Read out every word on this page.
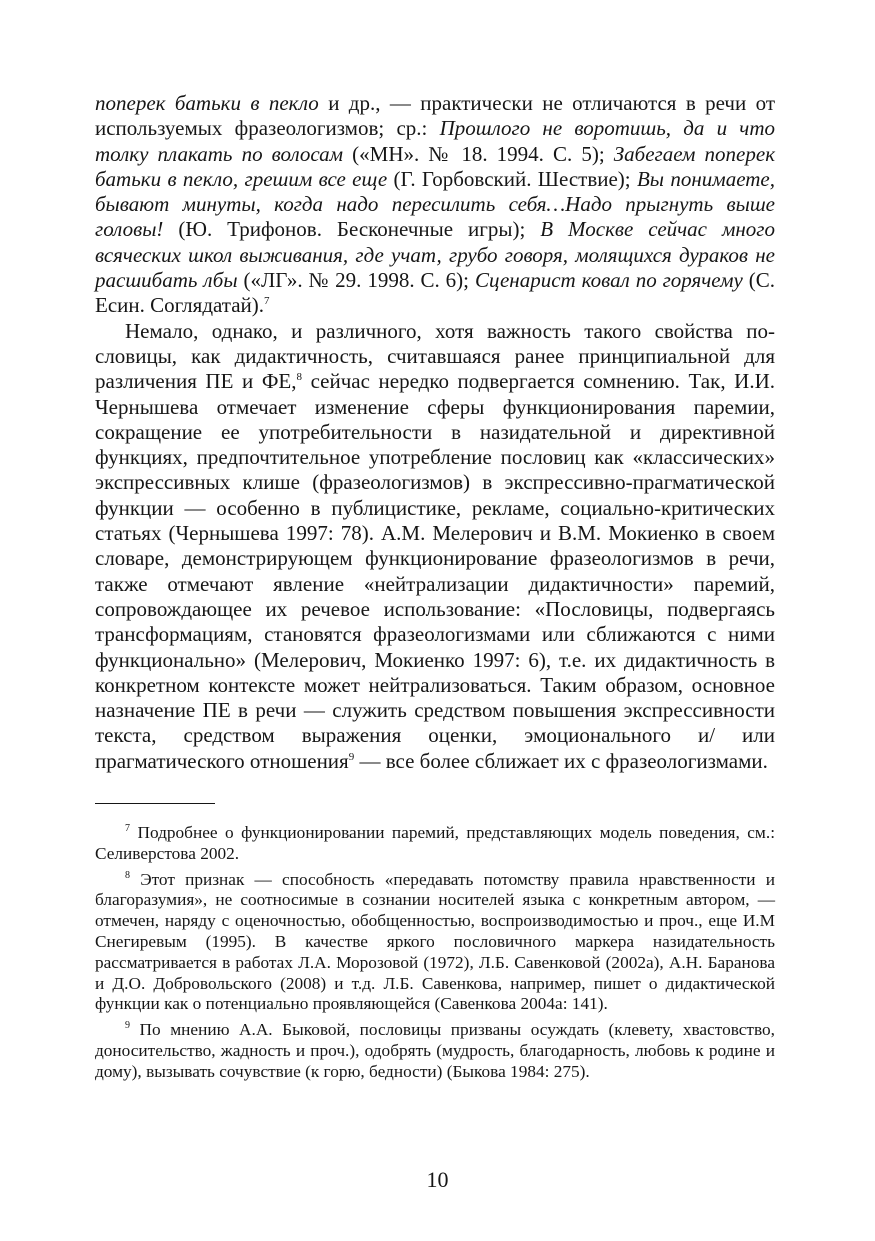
поперек батьки в пекло и др., — практически не отличаются в речи от используемых фразеологизмов; ср.: Прошлого не воротишь, да и что толку плакать по волосам («МН». № 18. 1994. С. 5); Забегаем поперек батьки в пекло, грешим все еще (Г. Горбовский. Шествие); Вы понимаете, бывают минуты, когда надо пересилить себя…Надо прыгнуть выше головы! (Ю. Трифонов. Бесконечные игры); В Москве сейчас много всяческих школ выживания, где учат, грубо говоря, молящихся дураков не расшибать лбы («ЛГ». № 29. 1998. С. 6); Сценарист ковал по горячему (С. Есин. Соглядатай).$^7$

Немало, однако, и различного, хотя важность такого свойства пословицы, как дидактичность, считавшаяся ранее принципиальной для различения ПЕ и ФЕ,$^8$ сейчас нередко подвергается сомнению. Так, И.И. Чернышева отмечает изменение сферы функционирования паремии, сокращение ее употребительности в назидательной и директивной функциях, предпочтительное употребление пословиц как «классических» экспрессивных клише (фразеологизмов) в экспрессивно-прагматической функции — особенно в публицистике, рекламе, социально-критических статьях (Чернышева 1997: 78). А.М. Мелерович и В.М. Мокиенко в своем словаре, демонстрирующем функционирование фразеологизмов в речи, также отмечают явление «нейтрализации дидактичности» паремий, сопровождающее их речевое использование: «Пословицы, подвергаясь трансформациям, становятся фразеологизмами или сближаются с ними функционально» (Мелерович, Мокиенко 1997: 6), т.е. их дидактичность в конкретном контексте может нейтрализоваться. Таким образом, основное назначение ПЕ в речи — служить средством повышения экспрессивности текста, средством выражения оценки, эмоционального и/ или прагматического отношения$^9$ — все более сближает их с фразеологизмами.

$^7$ Подробнее о функционировании паремий, представляющих модель поведения, см.: Селиверстова 2002.

$^8$ Этот признак — способность «передавать потомству правила нравственности и благоразумия», не соотносимые в сознании носителей языка с конкретным автором, — отмечен, наряду с оценочностью, обобщенностью, воспроизводимостью и проч., еще И.М Снегиревым (1995). В качестве яркого пословичного маркера назидательность рассматривается в работах Л.А. Морозовой (1972), Л.Б. Савенковой (2002а), А.Н. Баранова и Д.О. Добровольского (2008) и т.д. Л.Б. Савенкова, например, пишет о дидактической функции как о потенциально проявляющейся (Савенкова 2004а: 141).

$^9$ По мнению А.А. Быковой, пословицы призваны осуждать (клевету, хвастовство, доносительство, жадность и проч.), одобрять (мудрость, благодарность, любовь к родине и дому), вызывать сочувствие (к горю, бедности) (Быкова 1984: 275).

10
